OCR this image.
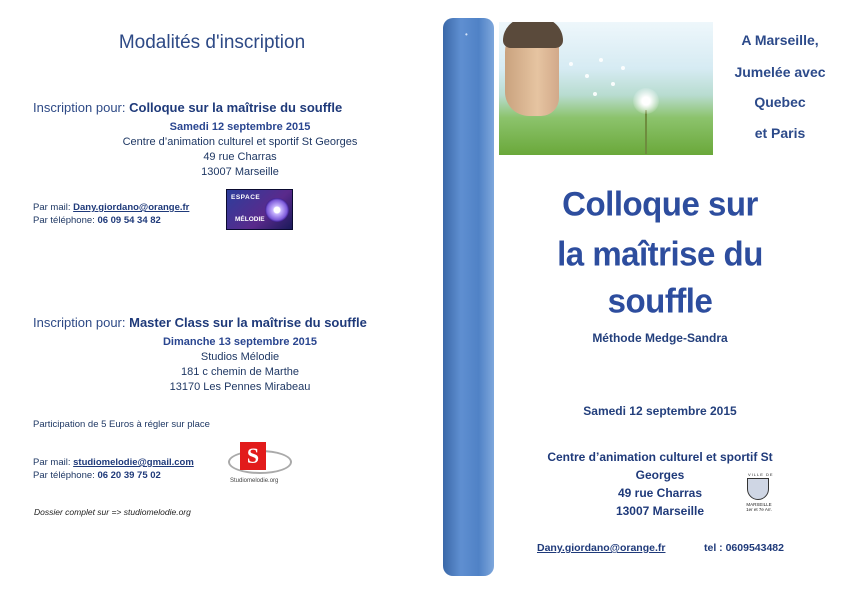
Modalités d'inscription
Inscription pour: Colloque sur la maîtrise du souffle
Samedi 12 septembre 2015
Centre d’animation culturel et sportif St Georges
49 rue Charras
13007 Marseille
Par mail: Dany.giordano@orange.fr
Par téléphone: 06 09 54 34 82
ESPACE
MÉLODIE
Inscription pour: Master Class sur la maîtrise du souffle
Dimanche 13 septembre 2015
Studios Mélodie
181 c chemin de Marthe
13170 Les Pennes Mirabeau
Participation de 5 Euros à régler sur place
Par mail: studiomelodie@gmail.com
Par téléphone: 06 20 39 75 02
S
Studiomelodie.org
Dossier complet sur => studiomelodie.org
•	A Marseille,
Jumelée avec
Quebec
et Paris
Colloque sur
la maîtrise du
souffle
Méthode Medge-Sandra
Samedi 12 septembre 2015
Centre d’animation culturel et sportif St
Georges
49 rue Charras
13007 Marseille
VILLE DE
MARSEILLE
1er et 7e Arr.
Dany.giordano@orange.fr	tel : 0609543482
